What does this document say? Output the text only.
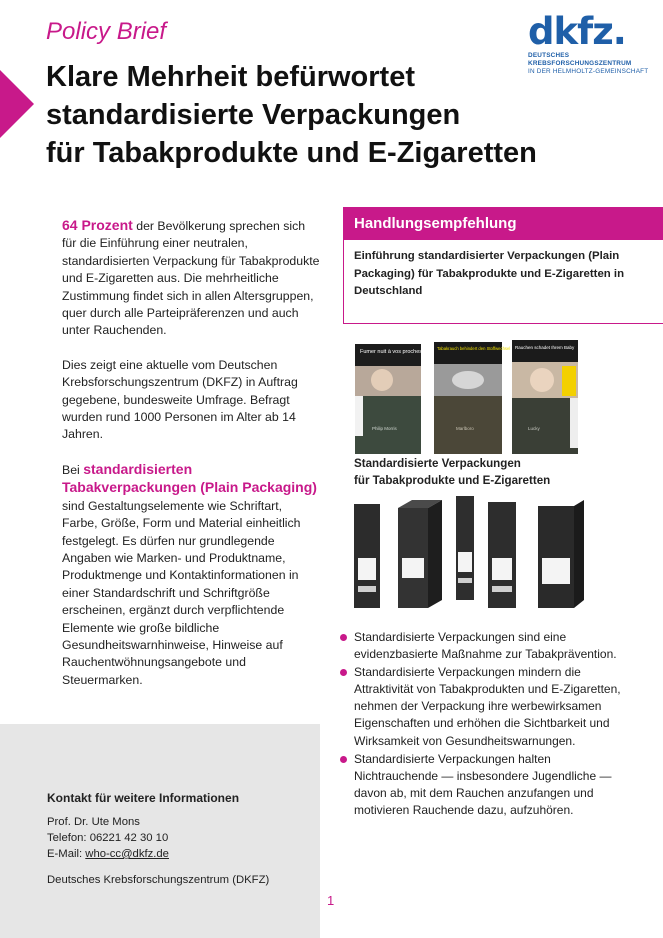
Policy Brief
Klare Mehrheit befürwortet
standardisierte Verpackungen
für Tabakprodukte und E-Zigaretten
dkfz.
DEUTSCHES
KREBSFORSCHUNGSZENTRUM
IN DER HELMHOLTZ-GEMEINSCHAFT

64 Prozent der Bevölkerung sprechen sich für die Einführung einer neutralen, standardisierten Verpackung für Tabakprodukte und E-Zigaretten aus. Die mehrheitliche Zustimmung findet sich in allen Altersgruppen, quer durch alle Parteipräferenzen und auch unter Rauchenden.

Dies zeigt eine aktuelle vom Deutschen Krebsforschungszentrum (DKFZ) in Auftrag gegebene, bundesweite Umfrage. Befragt wurden rund 1000 Personen im Alter ab 14 Jahren.

Bei standardisierten Tabakverpackungen (Plain Packaging) sind Gestaltungselemente wie Schriftart, Farbe, Größe, Form und Material einheitlich festgelegt. Es dürfen nur grundlegende Angaben wie Marken- und Produktname, Produktmenge und Kontaktinformationen in einer Standardschrift und Schriftgröße erscheinen, ergänzt durch verpflichtende Elemente wie große bildliche Gesundheitswarnhinweise, Hinweise auf Rauchentwöhnungsangebote und Steuermarken.

Kontakt für weitere Informationen
Prof. Dr. Ute Mons
Telefon: 06221 42 30 10
E-Mail: who-cc@dkfz.de
Deutsches Krebsforschungszentrum (DKFZ)
Handlungsempfehlung
Einführung standardisierter Verpackungen (Plain Packaging) für Tabakprodukte und E-Zigaretten in Deutschland
Fumer nuit à vos proches
Philip Morris
Tabakrauch behindert den Stoffwechsel
Marlboro
Rauchen schadet Ihrem Baby
Lucky
Standardisierte Verpackungen
für Tabakprodukte und E-Zigaretten
Standardisierte Verpackungen sind eine evidenzbasierte Maßnahme zur Tabakprävention.
Standardisierte Verpackungen mindern die Attraktivität von Tabakprodukten und E-Zigaretten, nehmen der Verpackung ihre werbewirksamen Eigenschaften und erhöhen die Sichtbarkeit und Wirksamkeit von Gesundheitswarnungen.
Standardisierte Verpackungen halten Nichtrauchende — insbesondere Jugendliche — davon ab, mit dem Rauchen anzufangen und motivieren Rauchende dazu, aufzuhören.
1
